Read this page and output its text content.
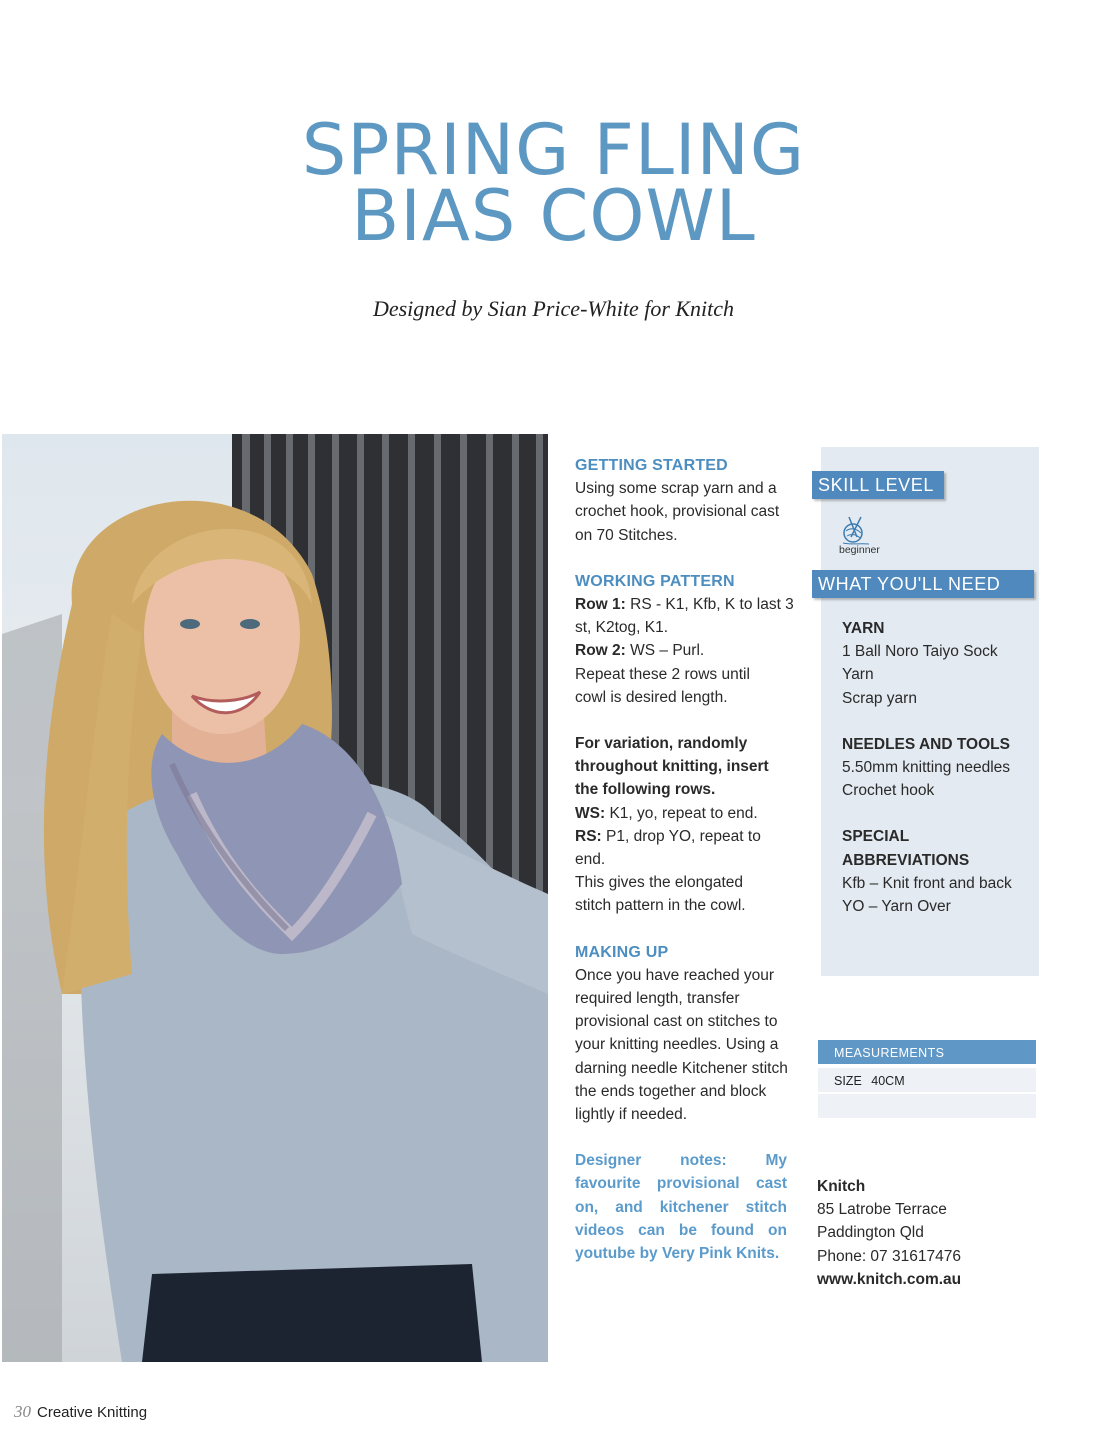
SPRING FLING
BIAS COWL
Designed by Sian Price-White for Knitch

GETTING STARTED

Using some scrap yarn and a crochet hook, provisional cast on 70 Stitches.

WORKING PATTERN

Row 1: RS - K1, Kfb, K to last 3 st, K2tog, K1.

Row 2: WS – Purl.

Repeat these 2 rows until cowl is desired length.

For variation, randomly throughout knitting, insert the following rows.

WS: K1, yo, repeat to end.

RS: P1, drop YO, repeat to end.

This gives the elongated stitch pattern in the cowl.

MAKING UP

Once you have reached your required length, transfer provisional cast on stitches to your knitting needles. Using a darning needle Kitchener stitch the ends together and block lightly if needed.

Designer notes: My favourite provisional cast on, and kitchener stitch videos can be found on youtube by Very Pink Knits.

SKILL LEVEL
beginner
WHAT YOU'LL NEED

YARN

1 Ball Noro Taiyo Sock

Yarn

Scrap yarn

NEEDLES AND TOOLS

5.50mm knitting needles

Crochet hook

SPECIAL

ABBREVIATIONS

Kfb – Knit front and back

YO – Yarn Over

MEASUREMENTS
SIZE 40CM

Knitch

85 Latrobe Terrace

Paddington Qld

Phone: 07 31617476

www.knitch.com.au

30 Creative Knitting
